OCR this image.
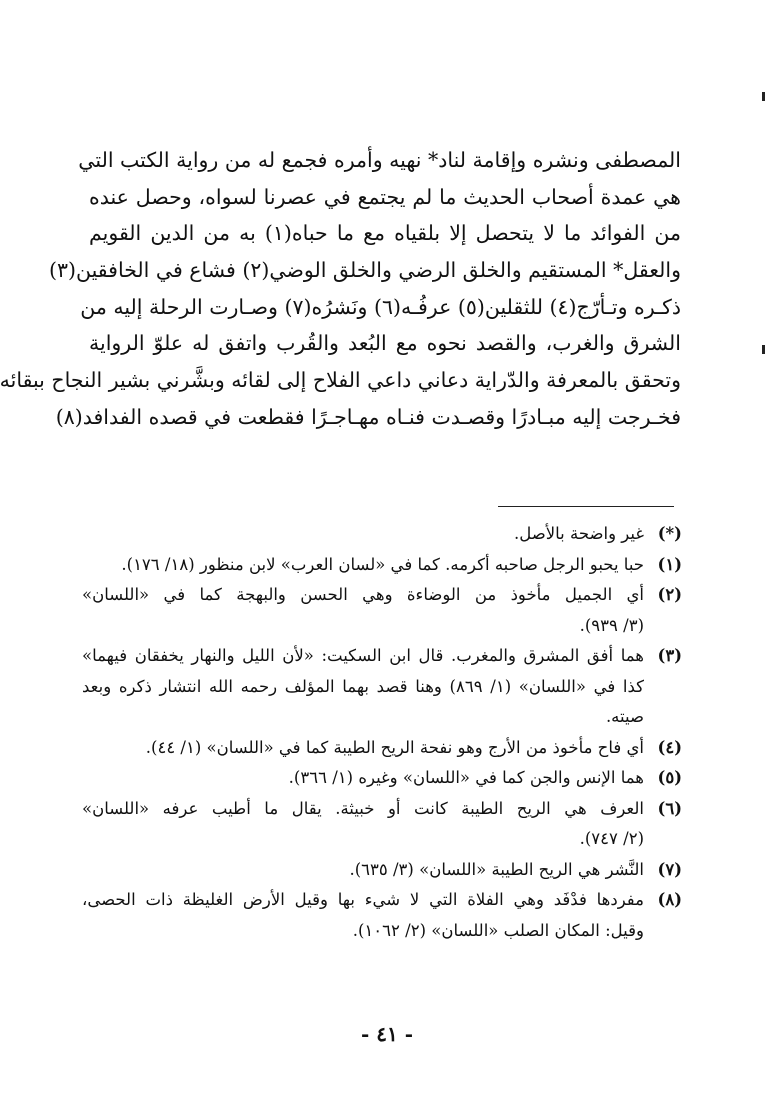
المصطفى ونشره وإقامة لناد* نهيه وأمره فجمع له من رواية الكتب التي
هي عمدة أصحاب الحديث ما لم يجتمع في عصرنا لسواه، وحصل عنده
من الفوائد ما لا يتحصل إلا بلقياه مع ما حباه(١) به من الدين القويم
والعقل* المستقيم والخلق الرضي والخلق الوضي(٢) فشاع في الخافقين(٣)
ذكـره وتـأرّج(٤) للثقلين(٥) عرفُـه(٦) ونَشرُه(٧) وصـارت الرحلة إليه من
الشرق والغرب، والقصد نحوه مع البُعد والقُرب واتفق له علوّ الرواية
وتحقق بالمعرفة والدّراية دعاني داعي الفلاح إلى لقائه وبشَّرني بشير النجاح ببقائه
فخـرجت إليه مبـادرًا وقصـدت فنـاه مهـاجـرًا فقطعت في قصده الفدافد(٨)
(*)
غير واضحة بالأصل.
(١)
حبا يحبو الرجل صاحبه أكرمه. كما في «لسان العرب» لابن منظور (١٨/ ١٧٦).
(٢)
أي الجميل مأخوذ من الوضاءة وهي الحسن والبهجة كما في «اللسان»
(٣/ ٩٣٩).
(٣)
هما أفق المشرق والمغرب. قال ابن السكيت: «لأن الليل والنهار يخفقان فيهما»
كذا في «اللسان» (١/ ٨٦٩) وهنا قصد بهما المؤلف رحمه الله انتشار ذكره وبعد
صيته.
(٤)
أي فاح مأخوذ من الأرج وهو نفحة الريح الطيبة كما في «اللسان» (١/ ٤٤).
(٥)
هما الإنس والجن كما في «اللسان» وغيره (١/ ٣٦٦).
(٦)
العرف هي الريح الطيبة كانت أو خبيثة. يقال ما أطيب عرفه «اللسان»
(٢/ ٧٤٧).
(٧)
النَّشر هي الريح الطيبة «اللسان» (٣/ ٦٣٥).
(٨)
مفردها فدْفَد وهي الفلاة التي لا شيء بها وقيل الأرض الغليظة ذات الحصى،
وقيل: المكان الصلب «اللسان» (٢/ ١٠٦٢).
- ٤١ -
